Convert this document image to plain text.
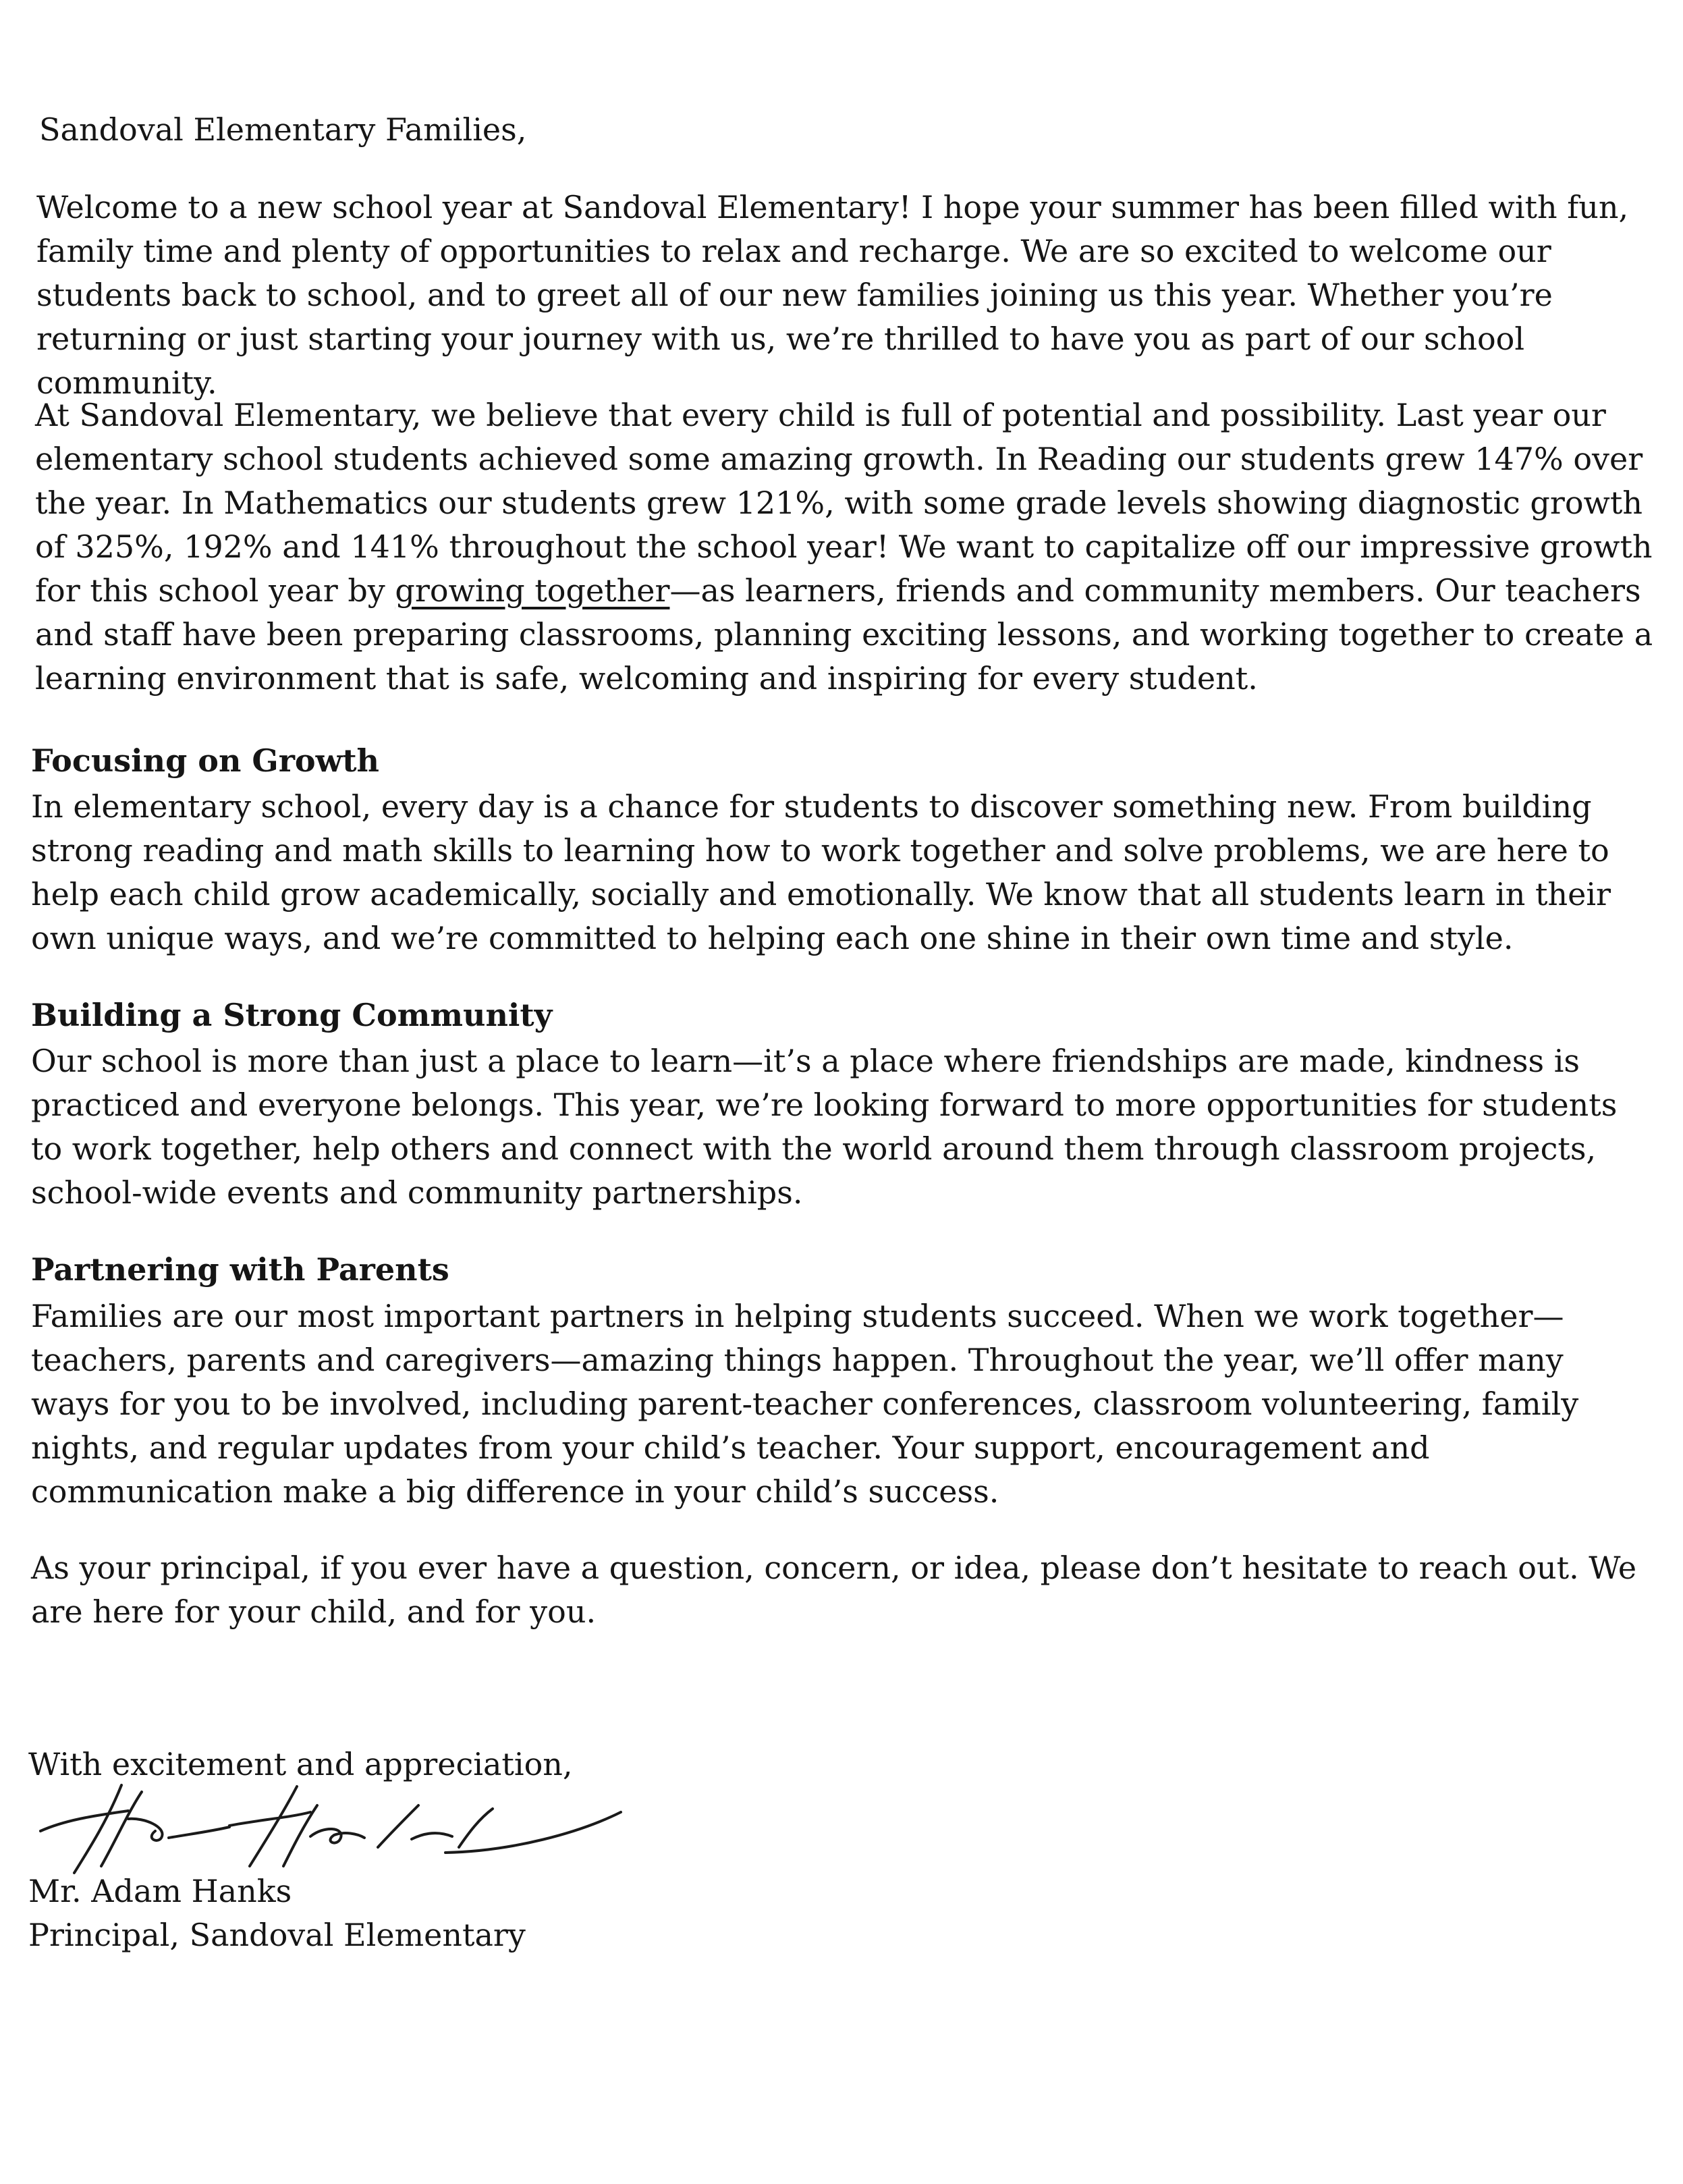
Sandoval Elementary Families,

Welcome to a new school year at Sandoval Elementary! I hope your summer has been filled with fun, family time and plenty of opportunities to relax and recharge. We are so excited to welcome our students back to school, and to greet all of our new families joining us this year. Whether you’re returning or just starting your journey with us, we’re thrilled to have you as part of our school community.

At Sandoval Elementary, we believe that every child is full of potential and possibility. Last year our elementary school students achieved some amazing growth. In Reading our students grew 147% over the year. In Mathematics our students grew 121%, with some grade levels showing diagnostic growth of 325%, 192% and 141% throughout the school year! We want to capitalize off our impressive growth for this school year by growing together—as learners, friends and community members. Our teachers and staff have been preparing classrooms, planning exciting lessons, and working together to create a learning environment that is safe, welcoming and inspiring for every student.

Focusing on Growth

In elementary school, every day is a chance for students to discover something new. From building strong reading and math skills to learning how to work together and solve problems, we are here to help each child grow academically, socially and emotionally. We know that all students learn in their own unique ways, and we’re committed to helping each one shine in their own time and style.

Building a Strong Community

Our school is more than just a place to learn—it’s a place where friendships are made, kindness is practiced and everyone belongs. This year, we’re looking forward to more opportunities for students to work together, help others and connect with the world around them through classroom projects, school-wide events and community partnerships.

Partnering with Parents

Families are our most important partners in helping students succeed. When we work together—teachers, parents and caregivers—amazing things happen. Throughout the year, we’ll offer many ways for you to be involved, including parent-teacher conferences, classroom volunteering, family nights, and regular updates from your child’s teacher. Your support, encouragement and communication make a big difference in your child’s success.

As your principal, if you ever have a question, concern, or idea, please don’t hesitate to reach out. We are here for your child, and for you.

With excitement and appreciation,

Mr. Adam Hanks

Principal, Sandoval Elementary
